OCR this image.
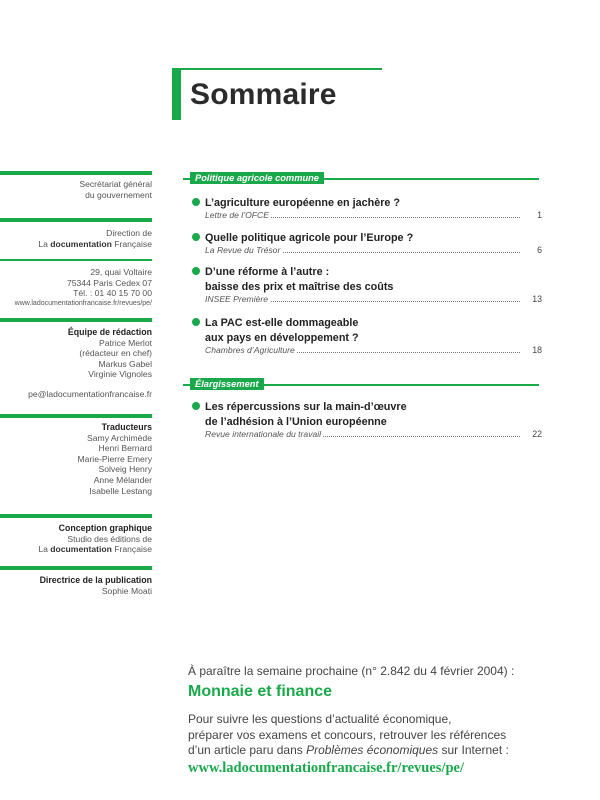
Sommaire
Secrétariat général
du gouvernement
Direction de
La documentation Française
29, quai Voltaire
75344 Paris Cedex 07
Tél. : 01 40 15 70 00
www.ladocumentationfrancaise.fr/revues/pe/
Équipe de rédaction
Patrice Merlot
(rédacteur en chef)
Markus Gabel
Virginie Vignoles
pe@ladocumentationfrancaise.fr
Traducteurs
Samy Archimède
Henri Bernard
Marie-Pierre Emery
Solveig Henry
Anne Mélander
Isabelle Lestang
Conception graphique
Studio des éditions de
La documentation Française
Directrice de la publication
Sophie Moati
Politique agricole commune
L’agriculture européenne en jachère ?
Lettre de l’OFCE	1
Quelle politique agricole pour l’Europe ?
La Revue du Trésor	6
D’une réforme à l’autre :
baisse des prix et maîtrise des coûts
INSEE Première	13
La PAC est-elle dommageable
aux pays en développement ?
Chambres d’Agriculture	18
Élargissement
Les répercussions sur la main-d’œuvre
de l’adhésion à l’Union européenne
Revue internationale du travail	22
À paraître la semaine prochaine (n° 2.842 du 4 février 2004) :
Monnaie et finance
Pour suivre les questions d’actualité économique,
préparer vos examens et concours, retrouver les références
d’un article paru dans Problèmes économiques sur Internet :
www.ladocumentationfrancaise.fr/revues/pe/
